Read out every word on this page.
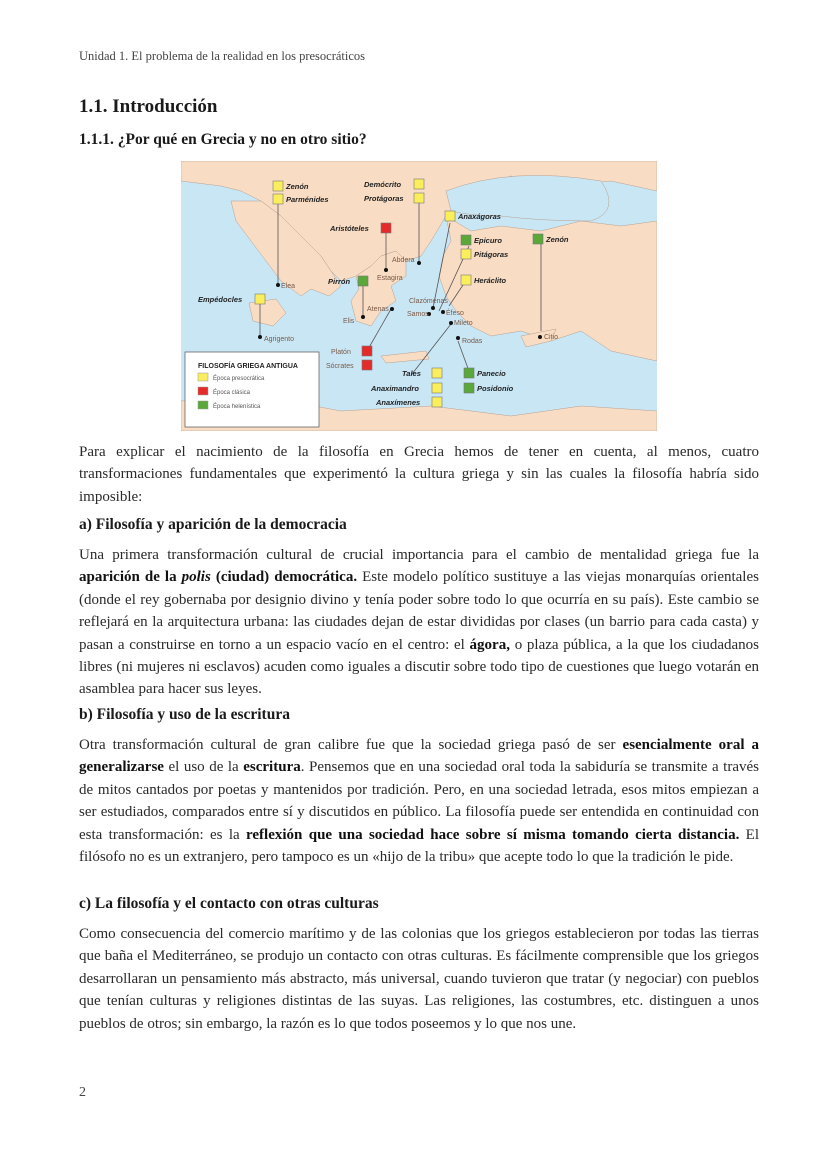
Unidad 1. El problema de la realidad en los presocráticos
1.1. Introducción
1.1.1. ¿Por qué en Grecia y no en otro sitio?
Elea
Abdera
Estagira
Clazómenas
Atenas
Samos Éfeso
Elis	Mileto
Rodas
Agrigento	Citio
Zenón
Parménides
Demócrito
Protágoras
Aristóteles
Anaxágoras
Epicuro	Zenón
Pitágoras
Heráclito
Pirrón
Empédocles
Platón
Sócrates
Tales
Anaximandro
Anaxímenes
Panecio
Posidonio
FILOSOFÍA GRIEGA ANTIGUA
Época presocrática
Época clásica
Época helenística

Para explicar el nacimiento de la filosofía en Grecia hemos de tener en cuenta, al menos, cuatro transformaciones fundamentales que experimentó la cultura griega y sin las cuales la filosofía habría sido imposible:

a) Filosofía y aparición de la democracia

Una primera transformación cultural de crucial importancia para el cambio de mentalidad griega fue la aparición de la polis (ciudad) democrática. Este modelo político sustituye a las viejas monarquías orientales (donde el rey gobernaba por designio divino y tenía poder sobre todo lo que ocurría en su país). Este cambio se reflejará en la arquitectura urbana: las ciudades dejan de estar divididas por clases (un barrio para cada casta) y pasan a construirse en torno a un espacio vacío en el centro: el ágora, o plaza pública, a la que los ciudadanos libres (ni mujeres ni esclavos) acuden como iguales a discutir sobre todo tipo de cuestiones que luego votarán en asamblea para hacer sus leyes.

b) Filosofía y uso de la escritura

Otra transformación cultural de gran calibre fue que la sociedad griega pasó de ser esencialmente oral a generalizarse el uso de la escritura. Pensemos que en una sociedad oral toda la sabiduría se transmite a través de mitos cantados por poetas y mantenidos por tradición. Pero, en una sociedad letrada, esos mitos empiezan a ser estudiados, comparados entre sí y discutidos en público. La filosofía puede ser entendida en continuidad con esta transformación: es la reflexión que una sociedad hace sobre sí misma tomando cierta distancia. El filósofo no es un extranjero, pero tampoco es un «hijo de la tribu» que acepte todo lo que la tradición le pide.

c) La filosofía y el contacto con otras culturas

Como consecuencia del comercio marítimo y de las colonias que los griegos establecieron por todas las tierras que baña el Mediterráneo, se produjo un contacto con otras culturas. Es fácilmente comprensible que los griegos desarrollaran un pensamiento más abstracto, más universal, cuando tuvieron que tratar (y negociar) con pueblos que tenían culturas y religiones distintas de las suyas. Las religiones, las costumbres, etc. distinguen a unos pueblos de otros; sin embargo, la razón es lo que todos poseemos y lo que nos une.

2
